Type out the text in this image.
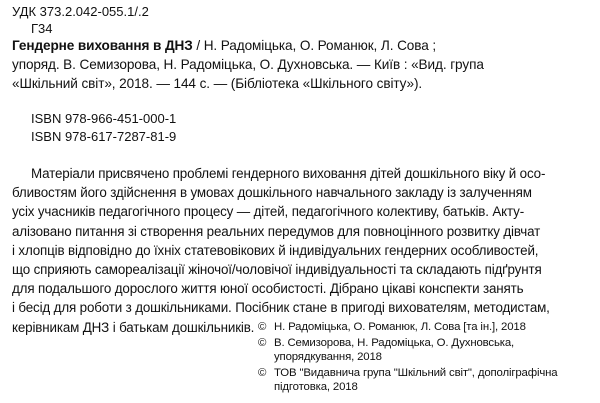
УДК 373.2.042-055.1/.2
Г34
Гендерне виховання в ДНЗ / Н. Радоміцька, О. Романюк, Л. Сова ;
упоряд. В. Семизорова, Н. Радоміцька, О. Духновська. — Київ : «Вид. група
«Шкільний світ», 2018. — 144 с. — (Бібліотека «Шкільного світу»).
ISBN 978-966-451-000-1
ISBN 978-617-7287-81-9
Матеріали присвячено проблемі гендерного виховання дітей дошкільного віку й осо-
бливостям його здійснення в умовах дошкільного навчального закладу із залученням
усіх учасників педагогічного процесу — дітей, педагогічного колективу, батьків. Акту-
алізовано питання зі створення реальних передумов для повноцінного розвитку дівчат
і хлопців відповідно до їхніх статевовікових й індивідуальних гендерних особливостей,
що сприяють самореалізації жіночої/чоловічої індивідуальності та складають підґрунтя
для подальшого дорослого життя юної особистості. Дібрано цікаві конспекти занять
і бесід для роботи з дошкільниками. Посібник стане в пригоді вихователям, методистам,
керівникам ДНЗ і батькам дошкільників. © Н. Радоміцька, О. Романюк, Л. Сова [та ін.], 2018
© В. Семизорова, Н. Радоміцька, О. Духновська,
упорядкування, 2018
© ТОВ "Видавнича група "Шкільний світ", дополіграфічна
підготовка, 2018
